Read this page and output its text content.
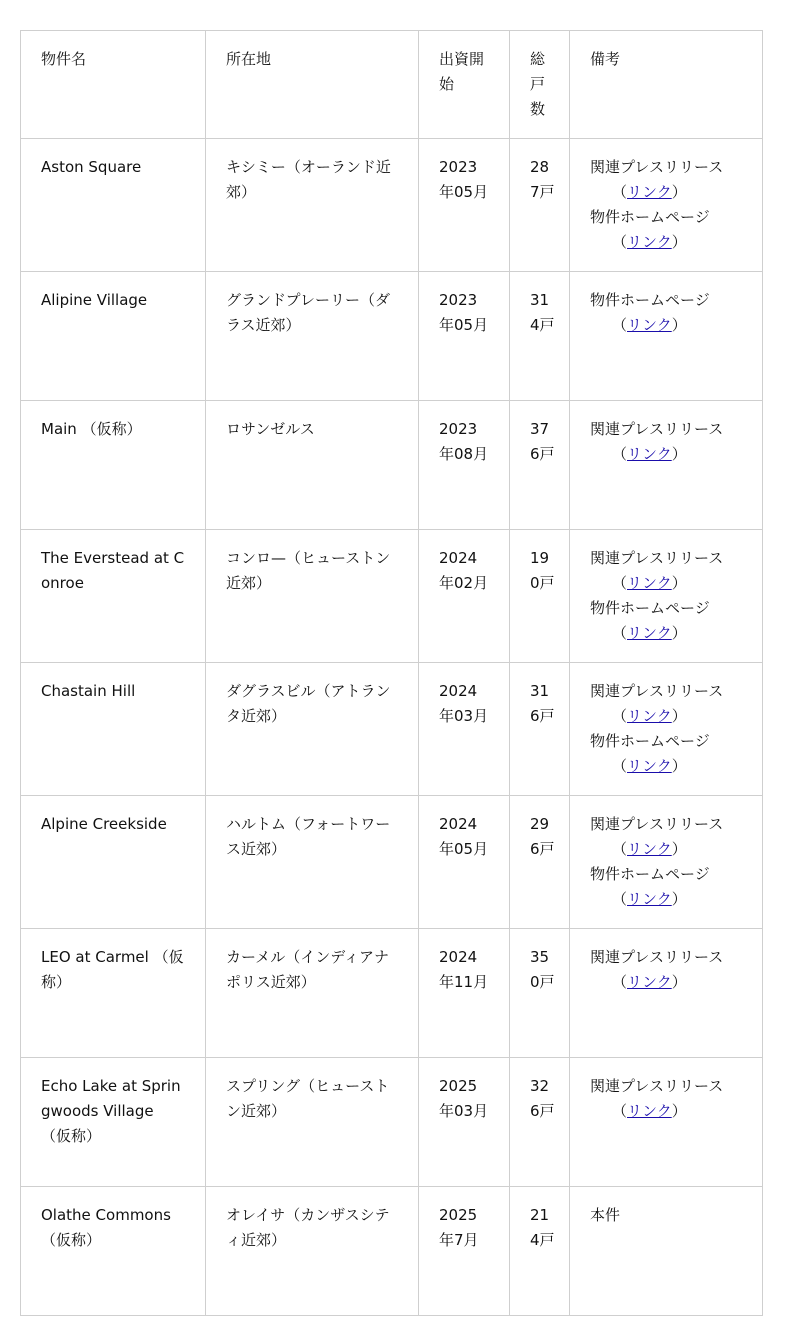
物件名	所在地	出資開始	総戸数	備考
Aston Square	キシミー（オーランド近郊）	2023年05月	287戸	関連プレスリリース
（リンク）
物件ホームページ
（リンク）

Alipine Village	グランドプレーリー（ダラス近郊）	2023年05月	314戸	物件ホームページ
（リンク）

Main （仮称）	ロサンゼルス	2023年08月	376戸	関連プレスリリース
（リンク）

The Everstead at Conroe	コンロ—（ヒューストン近郊）	2024年02月	190戸	関連プレスリリース
（リンク）
物件ホームページ
（リンク）

Chastain Hill	ダグラスビル（アトランタ近郊）	2024年03月	316戸	関連プレスリリース
（リンク）
物件ホームページ
（リンク）

Alpine Creekside	ハルトム（フォートワース近郊）	2024年05月	296戸	関連プレスリリース
（リンク）
物件ホームページ
（リンク）

LEO at Carmel （仮称）	カーメル（インディアナポリス近郊）	2024年11月	350戸	関連プレスリリース
（リンク）

Echo Lake at Springwoods Village （仮称）	スプリング（ヒューストン近郊）	2025年03月	326戸	関連プレスリリース
（リンク）

Olathe Commons（仮称）	オレイサ（カンザスシティ近郊）	2025年7月	214戸	本件
